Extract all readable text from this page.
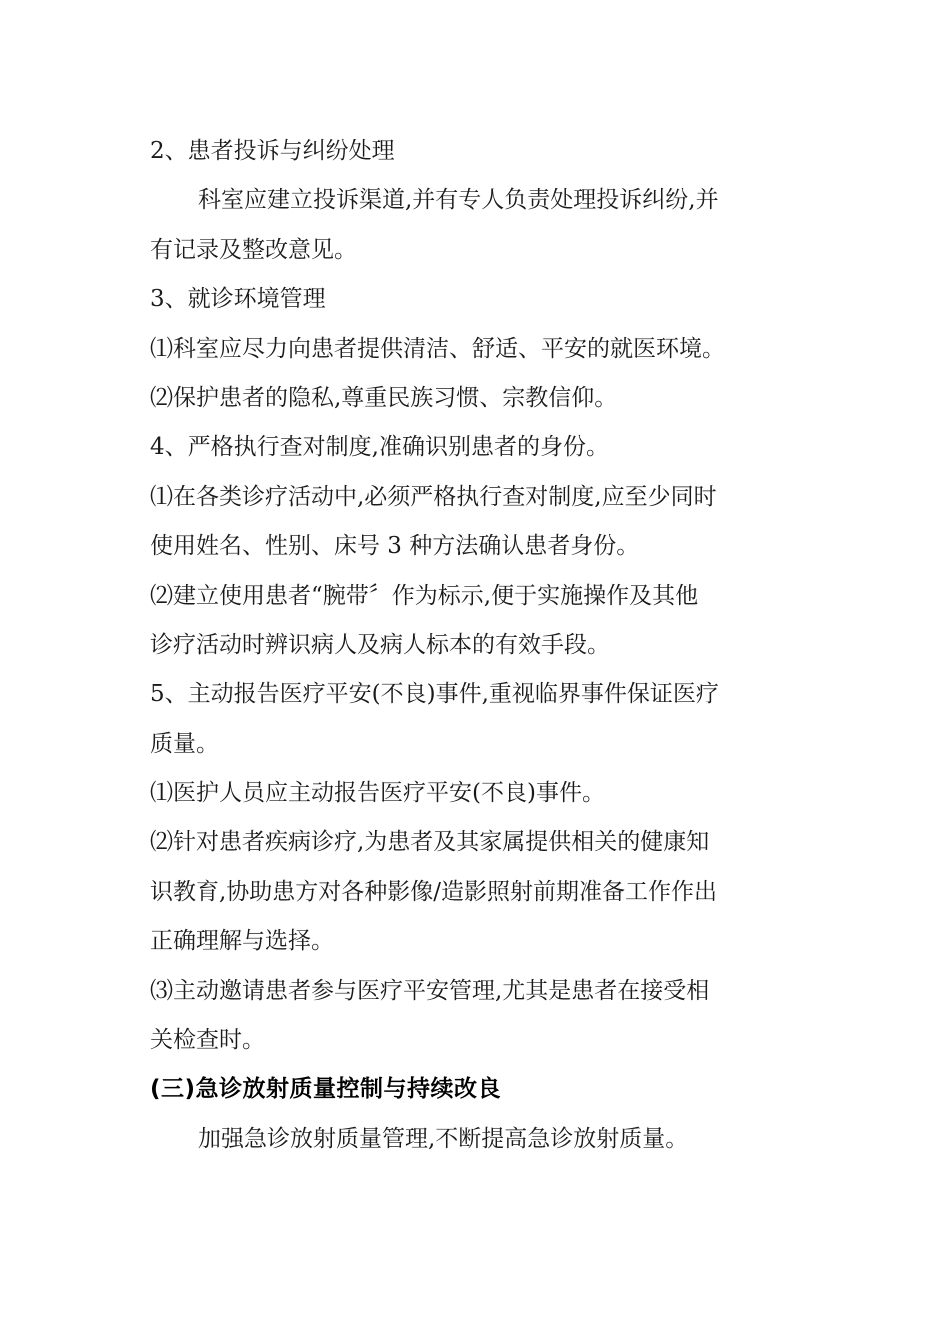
2、患者投诉与纠纷处理

科室应建立投诉渠道,并有专人负责处理投诉纠纷,并

有记录及整改意见。

3、就诊环境管理

⑴科室应尽力向患者提供清洁、舒适、平安的就医环境。

⑵保护患者的隐私,尊重民族习惯、宗教信仰。

4、严格执行查对制度,准确识别患者的身份。

⑴在各类诊疗活动中,必须严格执行查对制度,应至少同时

使用姓名、性别、床号 3 种方法确认患者身份。

⑵建立使用患者“腕带〞作为标示,便于实施操作及其他

诊疗活动时辨识病人及病人标本的有效手段。

5、主动报告医疗平安(不良)事件,重视临界事件保证医疗

质量。

⑴医护人员应主动报告医疗平安(不良)事件。

⑵针对患者疾病诊疗,为患者及其家属提供相关的健康知

识教育,协助患方对各种影像/造影照射前期准备工作作出

正确理解与选择。

⑶主动邀请患者参与医疗平安管理,尤其是患者在接受相

关检查时。

(三)急诊放射质量控制与持续改良

加强急诊放射质量管理,不断提高急诊放射质量。
